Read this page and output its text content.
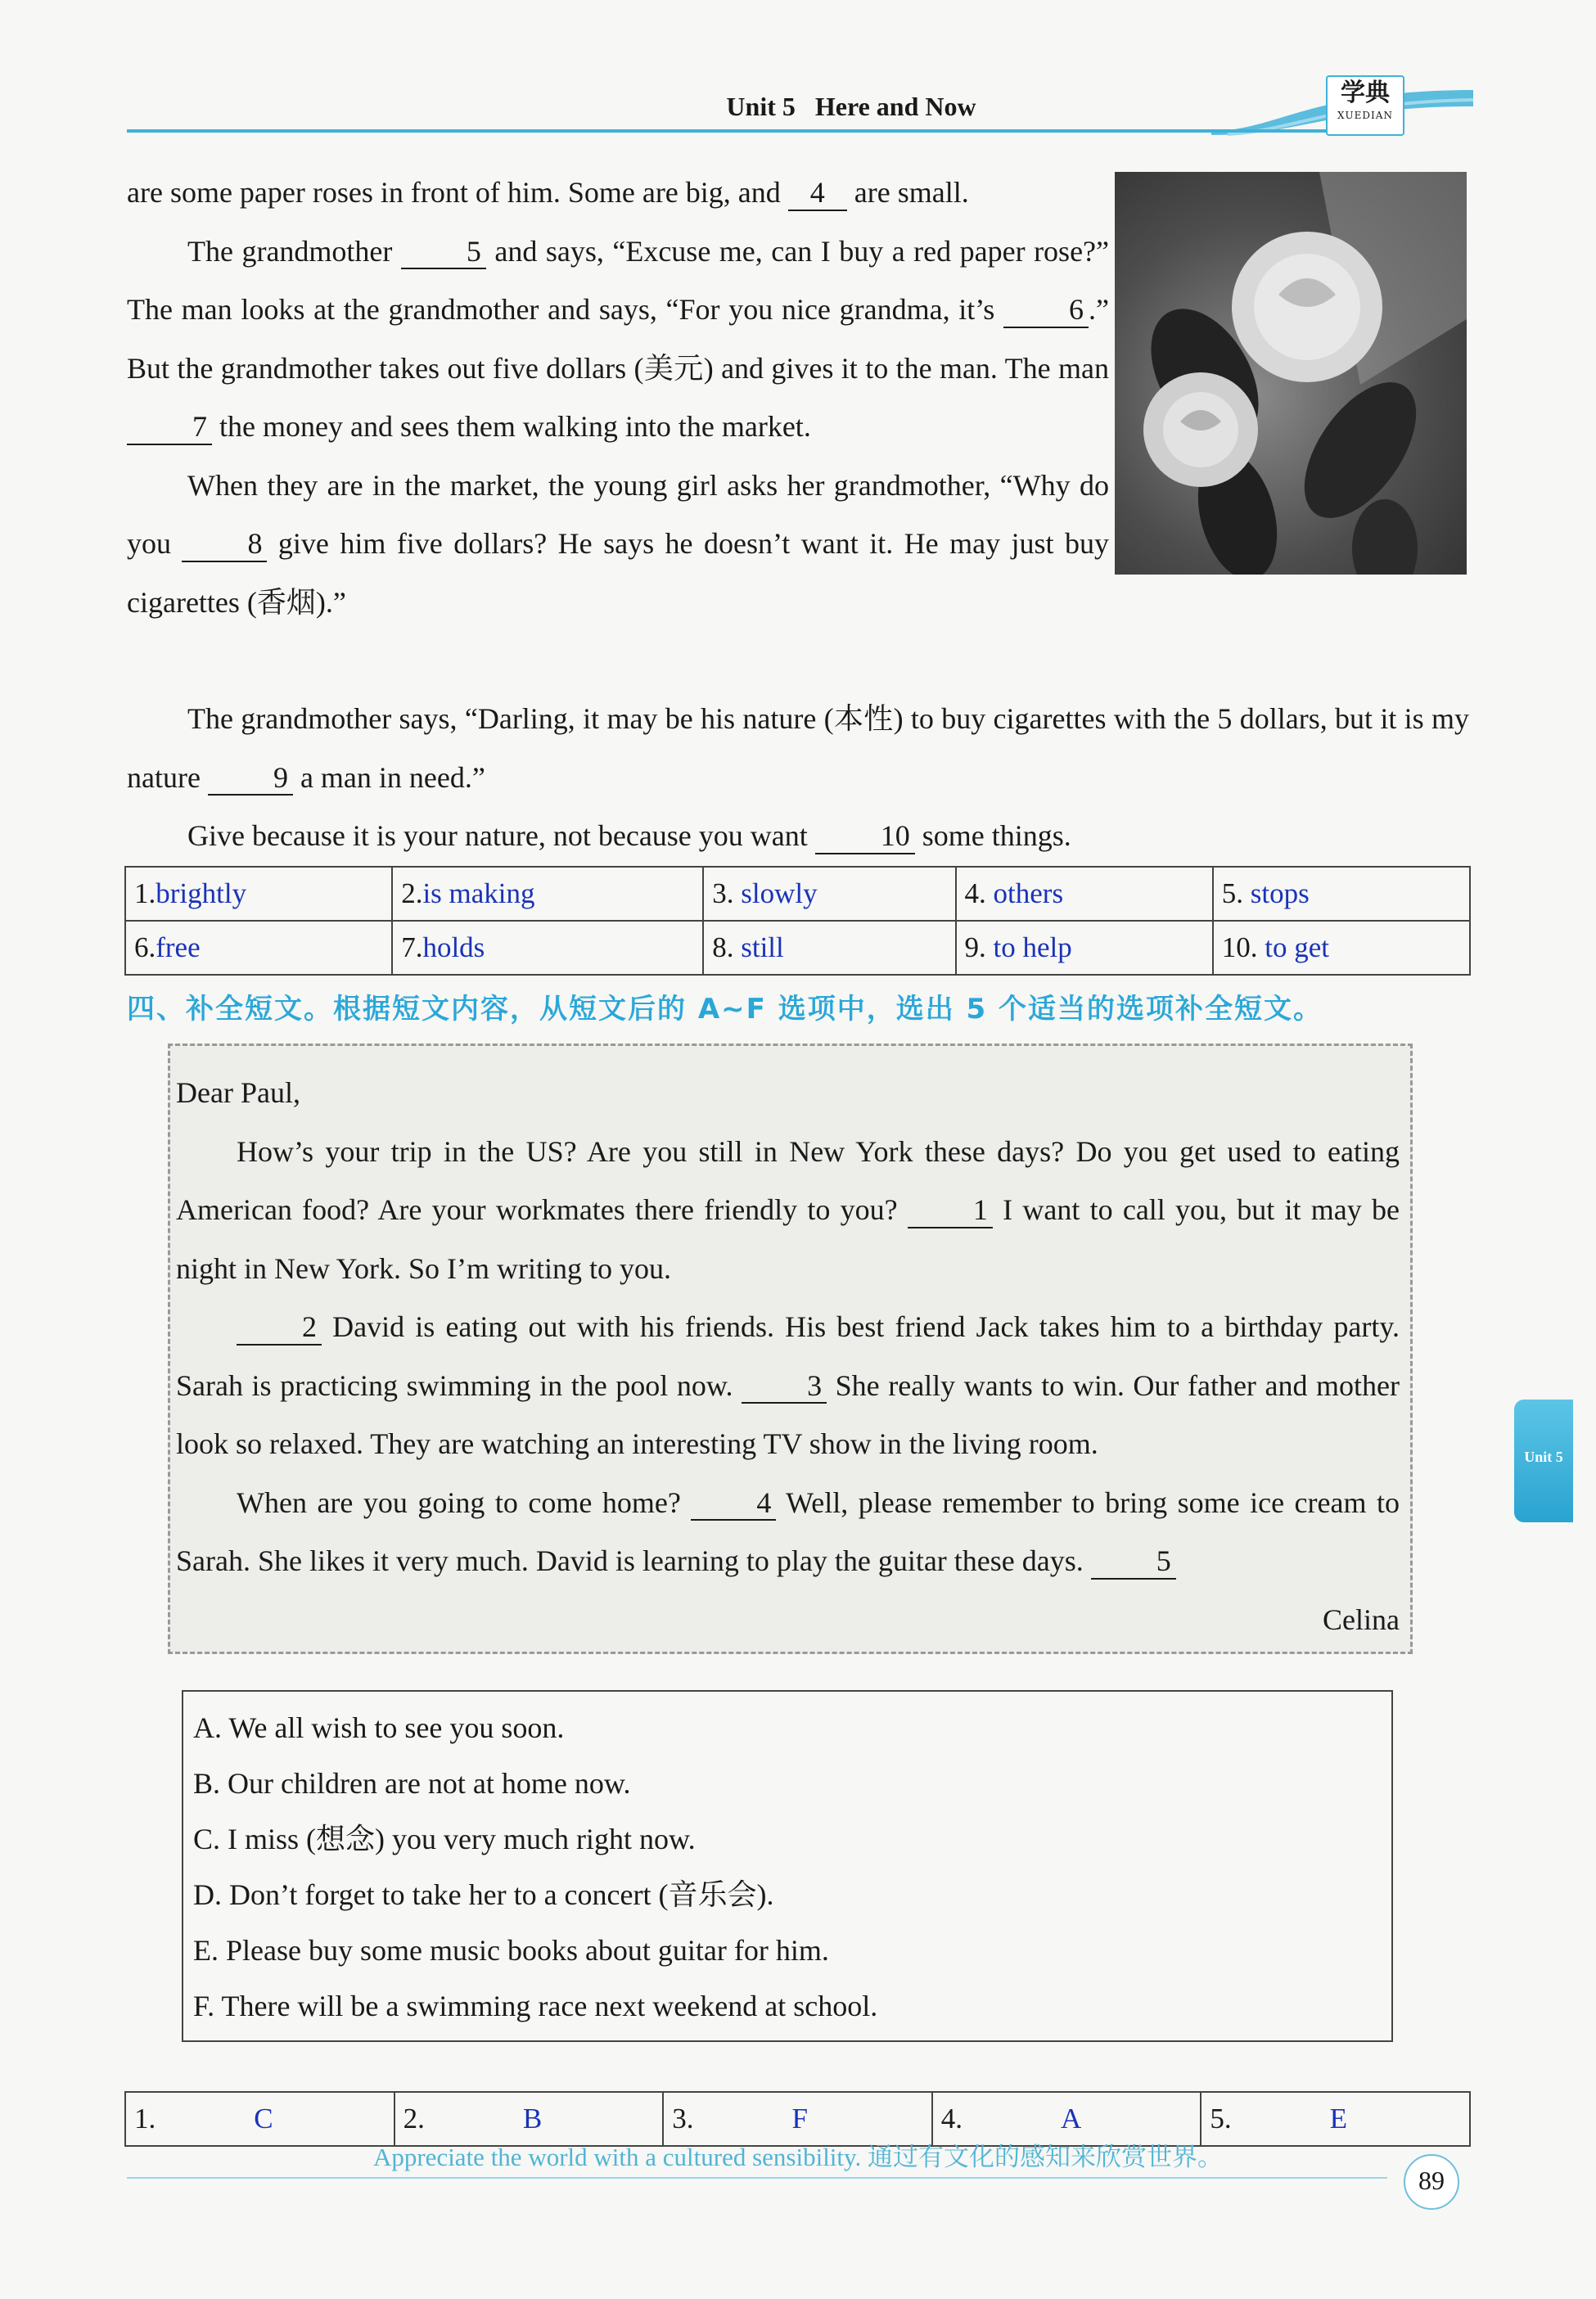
Unit 5 Here and Now	学典
XUEDIAN

are some paper roses in front of him. Some are big, and 4 are small.

The grandmother 5 and says, “Excuse me, can I buy a red paper rose?” The man looks at the grandmother and says, “For you nice grandma, it’s 6 .” But the grandmother takes out five dollars (美元) and gives it to the man. The man 7 the money and sees them walking into the market.

When they are in the market, the young girl asks her grandmother, “Why do you 8 give him five dollars? He says he doesn’t want it. He may just buy cigarettes (香烟).”

The grandmother says, “Darling, it may be his nature (本性) to buy cigarettes with the 5 dollars, but it is my nature 9 a man in need.”

Give because it is your nature, not because you want 10 some things.

1.brightly	2.is making	3. slowly	4. others	5. stops
6.free	7.holds	8. still	9. to help	10. to get
四、补全短文。根据短文内容，从短文后的 A~F 选项中，选出 5 个适当的选项补全短文。

Dear Paul,

How’s your trip in the US? Are you still in New York these days? Do you get used to eating American food? Are your workmates there friendly to you? 1 I want to call you, but it may be night in New York. So I’m writing to you.

2 David is eating out with his friends. His best friend Jack takes him to a birthday party. Sarah is practicing swimming in the pool now. 3 She really wants to win. Our father and mother look so relaxed. They are watching an interesting TV show in the living room.

When are you going to come home? 4 Well, please remember to bring some ice cream to Sarah. She likes it very much. David is learning to play the guitar these days. 5

Celina

A. We all wish to see you soon.

B. Our children are not at home now.

C. I miss (想念) you very much right now.

D. Don’t forget to take her to a concert (音乐会).

E. Please buy some music books about guitar for him.

F. There will be a swimming race next weekend at school.

1.	C	2.	B	3.	F	4.	A	5.	E
Unit 5
Appreciate the world with a cultured sensibility. 通过有文化的感知来欣赏世界。
89
